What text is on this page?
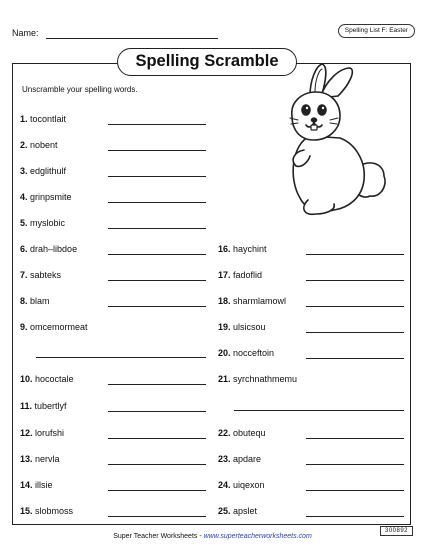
Name:	Spelling List F: Easter
Spelling Scramble
Unscramble your spelling words.
1. tocontlait
2. nobent
3. edglithulf
4. grinpsmite
5. myslobic
6. drah–libdoe
7. sabteks
8. blam
9. omcemormeat
10. hococtale
11. tubertlyf
12. lorufshi
13. nervla
14. illsie
15. slobmoss
16. haychint
17. fadoflid
18. sharmlamowl
19. ulsicsou
20. nocceftoin
21. syrchnathmemu
22. obutequ
23. apdare
24. uiqexon
25. apslet
Super Teacher Worksheets - www.superteacherworksheets.com
300892
